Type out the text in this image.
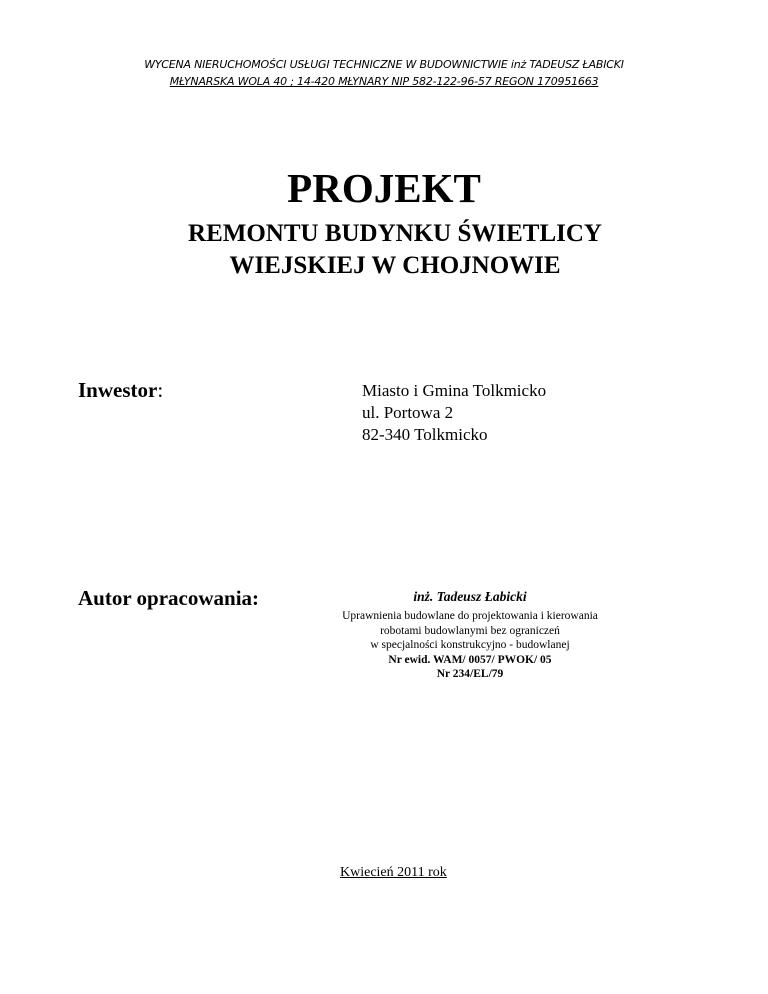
WYCENA NIERUCHOMOŚCI USŁUGI TECHNICZNE W BUDOWNICTWIE inż TADEUSZ ŁABICKI
MŁYNARSKA WOLA 40 ; 14-420 MŁYNARY NIP 582-122-96-57 REGON 170951663
PROJEKT
REMONTU BUDYNKU ŚWIETLICY
WIEJSKIEJ W CHOJNOWIE
Inwestor:	Miasto i Gmina Tolkmicko
ul. Portowa 2
82-340 Tolkmicko
Autor opracowania:	inż. Tadeusz Łabicki
Uprawnienia budowlane do projektowania i kierowania
robotami budowlanymi bez ograniczeń
w specjalności konstrukcyjno - budowlanej
Nr ewid. WAM/ 0057/ PWOK/ 05
Nr 234/EL/79
Kwiecień 2011 rok
